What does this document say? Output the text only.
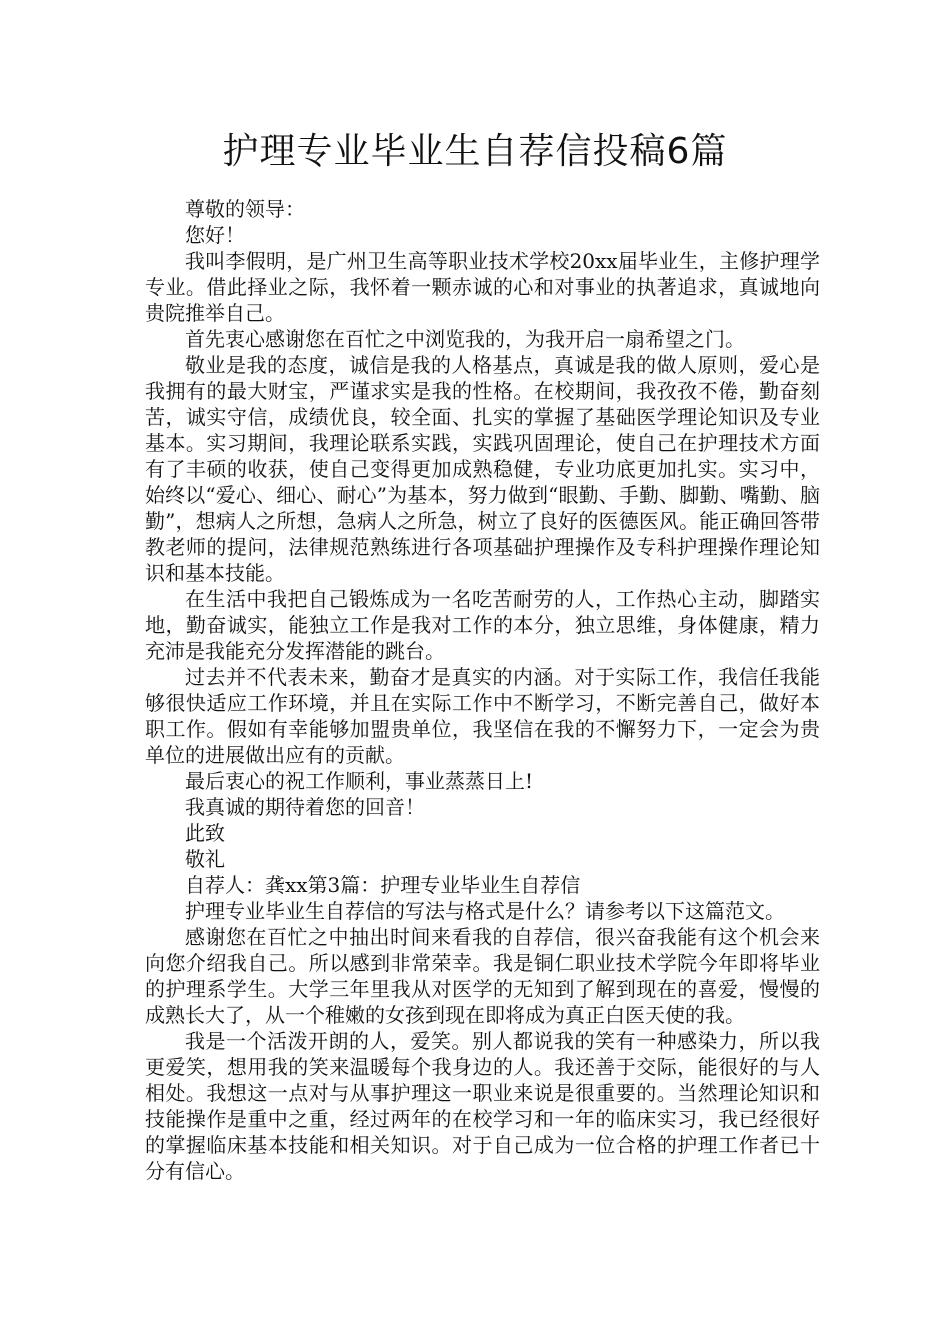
护理专业毕业生自荐信投稿6篇

尊敬的领导：

您好！

我叫李假明，是广州卫生高等职业技术学校20xx届毕业生，主修护理学专业。借此择业之际，我怀着一颗赤诚的心和对事业的执著追求，真诚地向贵院推举自己。

首先衷心感谢您在百忙之中浏览我的，为我开启一扇希望之门。

敬业是我的态度，诚信是我的人格基点，真诚是我的做人原则，爱心是我拥有的最大财宝，严谨求实是我的性格。在校期间，我孜孜不倦，勤奋刻苦，诚实守信，成绩优良，较全面、扎实的掌握了基础医学理论知识及专业基本。实习期间，我理论联系实践，实践巩固理论，使自己在护理技术方面有了丰硕的收获，使自己变得更加成熟稳健，专业功底更加扎实。实习中，始终以“爱心、细心、耐心”为基本，努力做到“眼勤、手勤、脚勤、嘴勤、脑勤”，想病人之所想，急病人之所急，树立了良好的医德医风。能正确回答带教老师的提问，法律规范熟练进行各项基础护理操作及专科护理操作理论知识和基本技能。

在生活中我把自己锻炼成为一名吃苦耐劳的人，工作热心主动，脚踏实地，勤奋诚实，能独立工作是我对工作的本分，独立思维，身体健康，精力充沛是我能充分发挥潜能的跳台。

过去并不代表未来，勤奋才是真实的内涵。对于实际工作，我信任我能够很快适应工作环境，并且在实际工作中不断学习，不断完善自己，做好本职工作。假如有幸能够加盟贵单位，我坚信在我的不懈努力下，一定会为贵单位的进展做出应有的贡献。

最后衷心的祝工作顺利，事业蒸蒸日上!

我真诚的期待着您的回音！

此致

敬礼

自荐人：龚xx第3篇：护理专业毕业生自荐信

护理专业毕业生自荐信的写法与格式是什么？请参考以下这篇范文。

感谢您在百忙之中抽出时间来看我的自荐信，很兴奋我能有这个机会来向您介绍我自己。所以感到非常荣幸。我是铜仁职业技术学院今年即将毕业的护理系学生。大学三年里我从对医学的无知到了解到现在的喜爱，慢慢的成熟长大了，从一个稚嫩的女孩到现在即将成为真正白医天使的我。

我是一个活泼开朗的人，爱笑。别人都说我的笑有一种感染力，所以我更爱笑，想用我的笑来温暖每个我身边的人。我还善于交际，能很好的与人相处。我想这一点对与从事护理这一职业来说是很重要的。当然理论知识和技能操作是重中之重，经过两年的在校学习和一年的临床实习，我已经很好的掌握临床基本技能和相关知识。对于自己成为一位合格的护理工作者已十分有信心。
